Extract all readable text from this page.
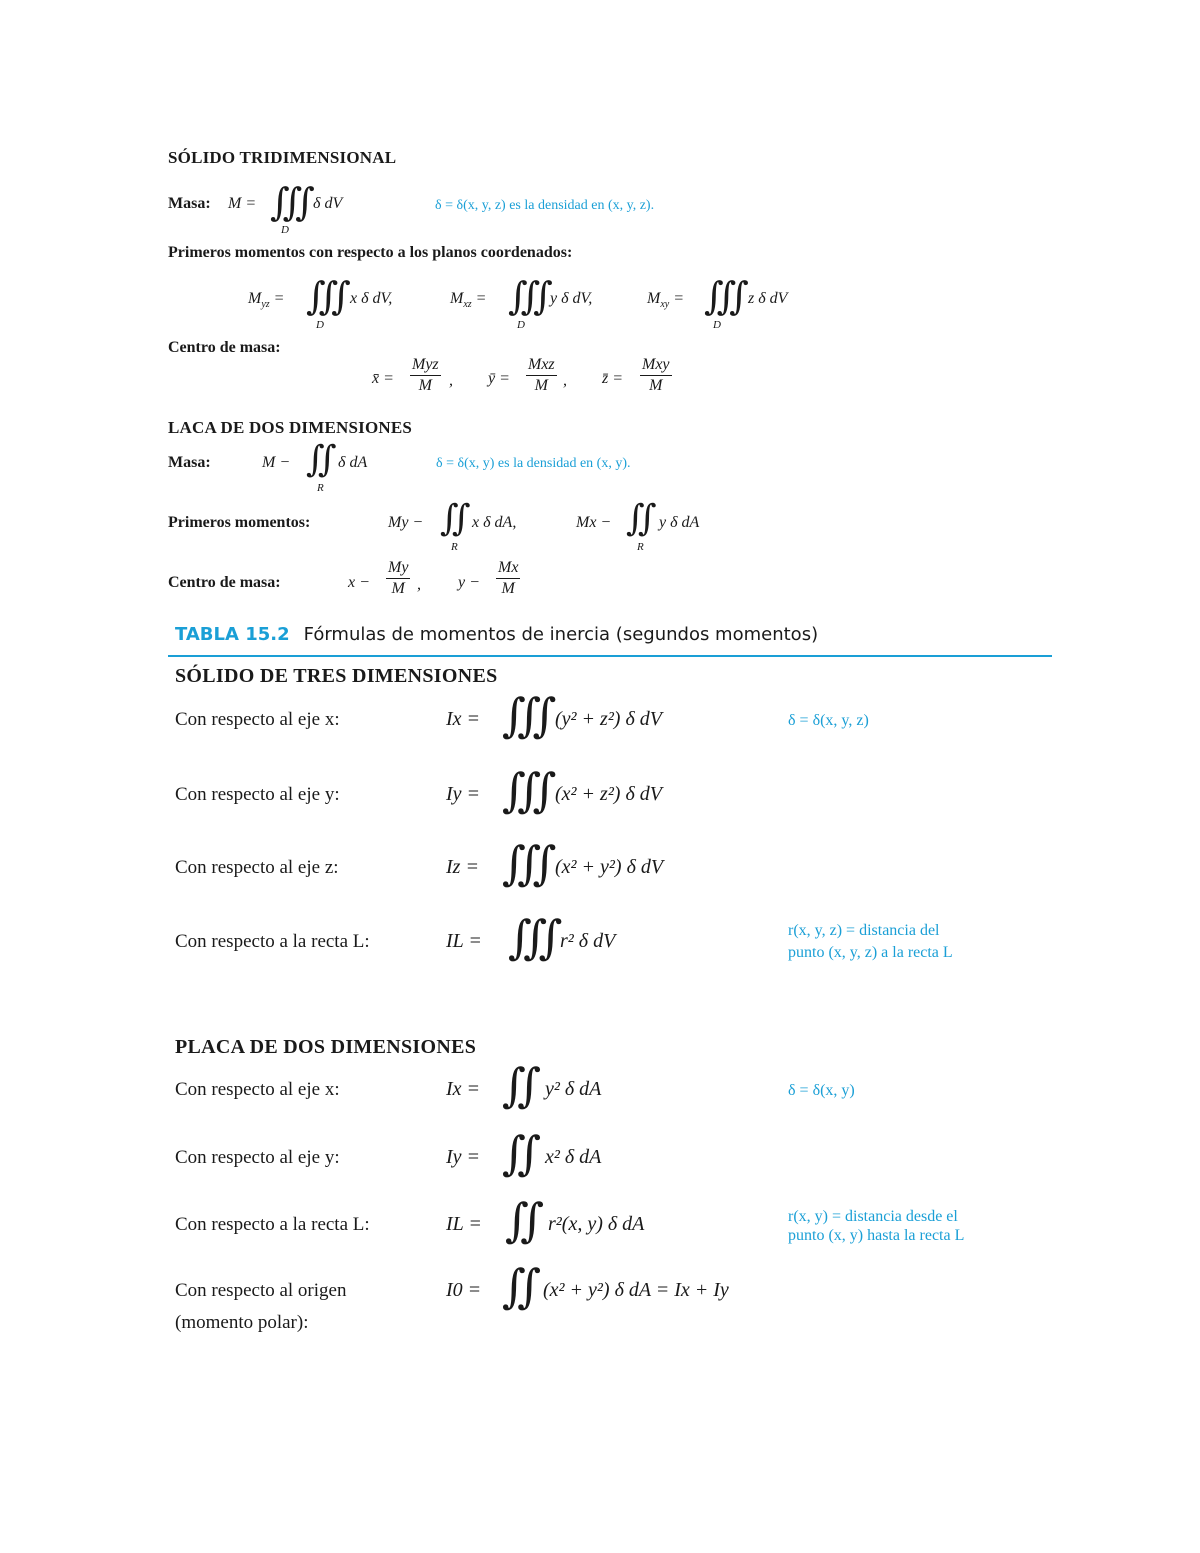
SÓLIDO TRIDIMENSIONAL
Masa: M = ∭
D
δ dV	δ = δ(x, y, z) es la densidad en (x, y, z).
Primeros momentos con respecto a los planos coordenados:
$M_{yz}$ = ∭
D
x δ dV,	$M_{xz}$ = ∭
D
y δ dV,	$M_{xy}$ = ∭
D
z δ dV
Centro de masa:
x̄ =
Myz
M	, ȳ =
Mxz
M , z̄ =
Mxy
M
LACA DE DOS DIMENSIONES
Masa:	M − ∬
R
δ dA	δ = δ(x, y) es la densidad en (x, y).
Primeros momentos:	My − ∬
R
x δ dA,	Mx − ∬
R
y δ dA
Centro de masa:	$x - \frac{My}{M}$ , $y - \frac{Mx}{M}$
TABLA 15.2 Fórmulas de momentos de inercia (segundos momentos)
SÓLIDO DE TRES DIMENSIONES
Con respecto al eje x:	Ix = ∭
(y² + z²) δ dV	δ = δ(x, y, z)
Con respecto al eje y:	Iy = ∭
(x² + z²) δ dV
Con respecto al eje z:	Iz = ∭
(x² + y²) δ dV
Con respecto a la recta L:	IL = ∭
r² δ dV	r(x, y, z) = distancia del
punto (x, y, z) a la recta L
PLACA DE DOS DIMENSIONES
Con respecto al eje x:	Ix = ∬ y² δ dA	δ = δ(x, y)
Con respecto al eje y:	Iy = ∬ x² δ dA
Con respecto a la recta L:	IL = ∬ r²(x, y) δ dA	r(x, y) = distancia desde el
punto (x, y) hasta la recta L
Con respecto al origen
(momento polar):
I0 = ∬ (x² + y²) δ dA = Ix + Iy
